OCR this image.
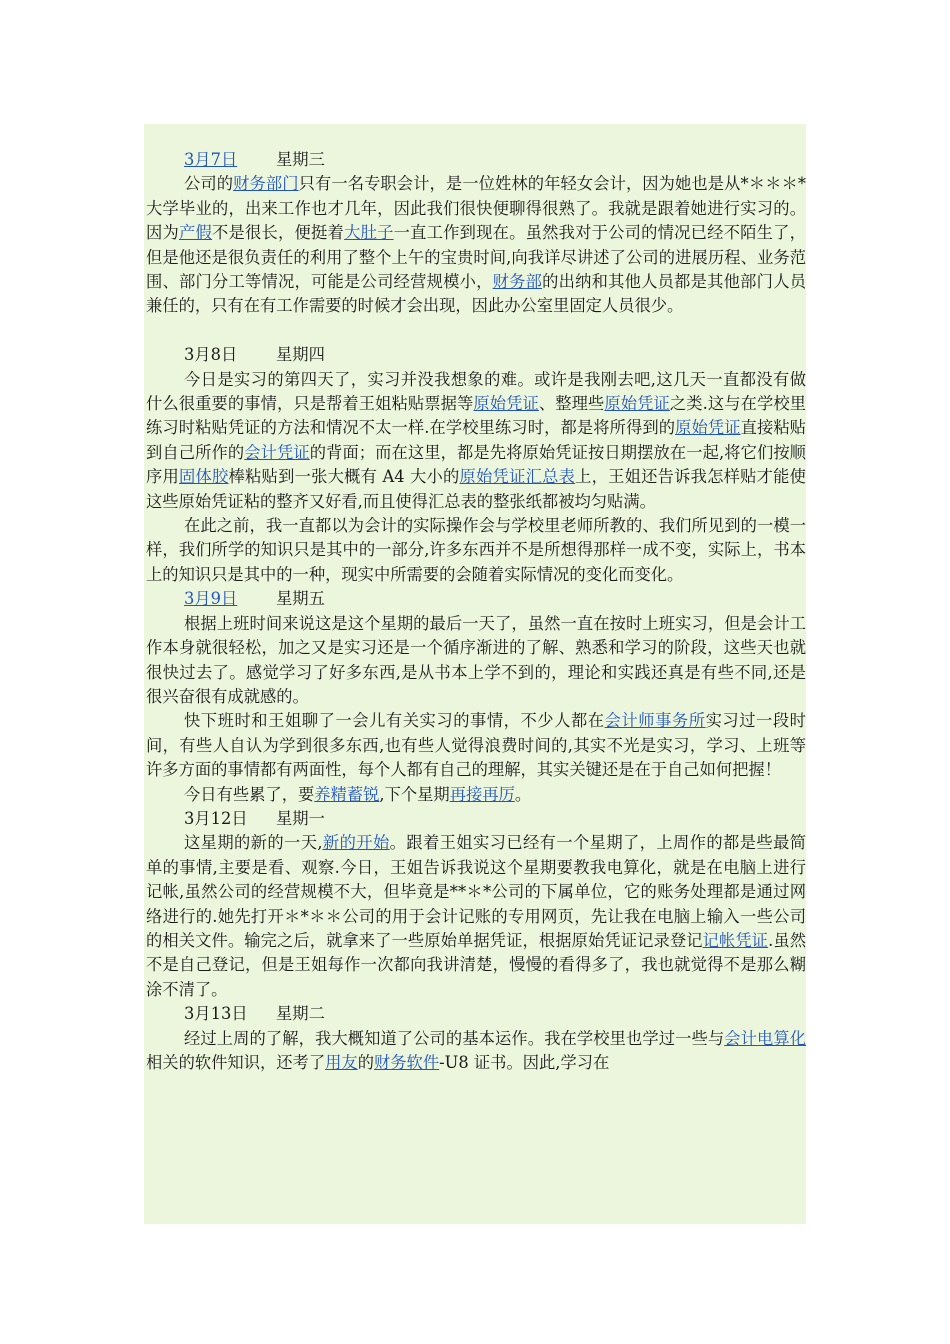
3月7日 星期三

公司的财务部门只有一名专职会计，是一位姓林的年轻女会计，因为她也是从*＊＊＊*大学毕业的，出来工作也才几年，因此我们很快便聊得很熟了。我就是跟着她进行实习的。因为产假不是很长，便挺着大肚子一直工作到现在。虽然我对于公司的情况已经不陌生了，但是他还是很负责任的利用了整个上午的宝贵时间,向我详尽讲述了公司的进展历程、业务范围、部门分工等情况，可能是公司经营规模小，财务部的出纳和其他人员都是其他部门人员兼任的，只有在有工作需要的时候才会出现，因此办公室里固定人员很少。

3月8日 星期四

今日是实习的第四天了，实习并没我想象的难。或许是我刚去吧,这几天一直都没有做什么很重要的事情，只是帮着王姐粘贴票据等原始凭证、整理些原始凭证之类.这与在学校里练习时粘贴凭证的方法和情况不太一样.在学校里练习时，都是将所得到的原始凭证直接粘贴到自己所作的会计凭证的背面；而在这里，都是先将原始凭证按日期摆放在一起,将它们按顺序用固体胶棒粘贴到一张大概有 A4 大小的原始凭证汇总表上，王姐还告诉我怎样贴才能使这些原始凭证粘的整齐又好看,而且使得汇总表的整张纸都被均匀贴满。

在此之前，我一直都以为会计的实际操作会与学校里老师所教的、我们所见到的一模一样，我们所学的知识只是其中的一部分,许多东西并不是所想得那样一成不变，实际上，书本上的知识只是其中的一种，现实中所需要的会随着实际情况的变化而变化。

3月9日 星期五

根据上班时间来说这是这个星期的最后一天了，虽然一直在按时上班实习，但是会计工作本身就很轻松，加之又是实习还是一个循序渐进的了解、熟悉和学习的阶段，这些天也就很快过去了。感觉学习了好多东西,是从书本上学不到的，理论和实践还真是有些不同,还是很兴奋很有成就感的。

快下班时和王姐聊了一会儿有关实习的事情，不少人都在会计师事务所实习过一段时间，有些人自认为学到很多东西,也有些人觉得浪费时间的,其实不光是实习，学习、上班等许多方面的事情都有两面性，每个人都有自己的理解，其实关键还是在于自己如何把握！

今日有些累了，要养精蓄锐,下个星期再接再厉。

3月12日 星期一

这星期的新的一天,新的开始。跟着王姐实习已经有一个星期了，上周作的都是些最简单的事情,主要是看、观察.今日，王姐告诉我说这个星期要教我电算化，就是在电脑上进行记帐,虽然公司的经营规模不大，但毕竟是**＊*公司的下属单位，它的账务处理都是通过网络进行的.她先打开＊*＊＊公司的用于会计记账的专用网页，先让我在电脑上输入一些公司的相关文件。输完之后，就拿来了一些原始单据凭证，根据原始凭证记录登记记帐凭证.虽然不是自己登记，但是王姐每作一次都向我讲清楚，慢慢的看得多了，我也就觉得不是那么糊涂不清了。

3月13日 星期二

经过上周的了解，我大概知道了公司的基本运作。我在学校里也学过一些与会计电算化相关的软件知识，还考了用友的财务软件-U8 证书。因此,学习在
